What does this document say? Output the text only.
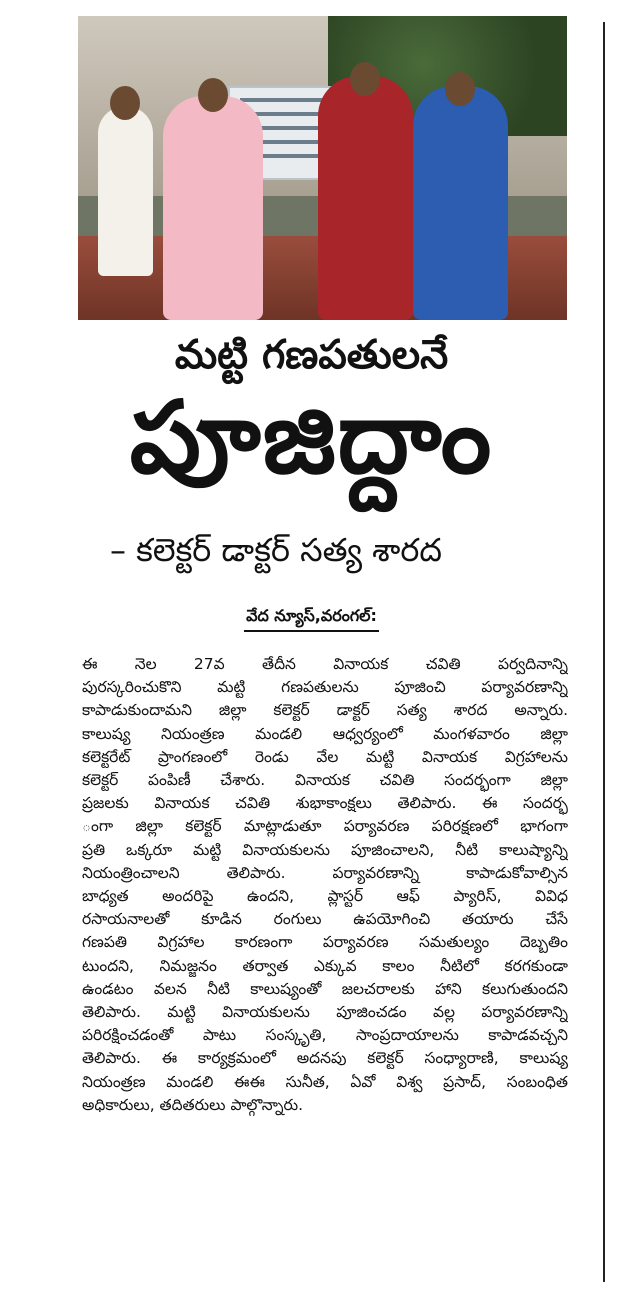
మట్టి గణపతులనే
పూజిద్దాం
– కలెక్టర్ డాక్టర్ సత్య శారద
వేద న్యూస్,వరంగల్:
ఈ నెల 27వ తేదీన వినాయక చవితి పర్వదినాన్ని
పురస్కరించుకొని మట్టి గణపతులను పూజించి పర్యావరణాన్ని
కాపాడుకుందామని జిల్లా కలెక్టర్ డాక్టర్ సత్య శారద అన్నారు.
కాలుష్య నియంత్రణ మండలి ఆధ్వర్యంలో మంగళవారం జిల్లా
కలెక్టరేట్ ప్రాంగణంలో రెండు వేల మట్టి వినాయక విగ్రహాలను
కలెక్టర్ పంపిణీ చేశారు. వినాయక చవితి సందర్భంగా జిల్లా
ప్రజలకు వినాయక చవితి శుభాకాంక్షలు తెలిపారు. ఈ సందర్భ
ంగా జిల్లా కలెక్టర్ మాట్లాడుతూ పర్యావరణ పరిరక్షణలో భాగంగా
ప్రతి ఒక్కరూ మట్టి వినాయకులను పూజించాలని, నీటి కాలుష్యాన్ని
నియంత్రించాలని తెలిపారు. పర్యావరణాన్ని కాపాడుకోవాల్సిన
బాధ్యత అందరిపై ఉందని, ప్లాస్టర్ ఆఫ్ ప్యారిస్, వివిధ
రసాయనాలతో కూడిన రంగులు ఉపయోగించి తయారు చేసే
గణపతి విగ్రహాల కారణంగా పర్యావరణ సమతుల్యం దెబ్బతిం
టుందని, నిమజ్జనం తర్వాత ఎక్కువ కాలం నీటిలో కరగకుండా
ఉండటం వలన నీటి కాలుష్యంతో జలచరాలకు హాని కలుగుతుందని
తెలిపారు. మట్టి వినాయకులను పూజించడం వల్ల పర్యావరణాన్ని
పరిరక్షించడంతో పాటు సంస్కృతి, సాంప్రదాయాలను కాపాడవచ్చని
తెలిపారు. ఈ కార్యక్రమంలో అదనపు కలెక్టర్ సంధ్యారాణి, కాలుష్య
నియంత్రణ మండలి ఈఈ సునీత, ఏవో విశ్వ ప్రసాద్, సంబంధిత
అధికారులు, తదితరులు పాల్గొన్నారు.
